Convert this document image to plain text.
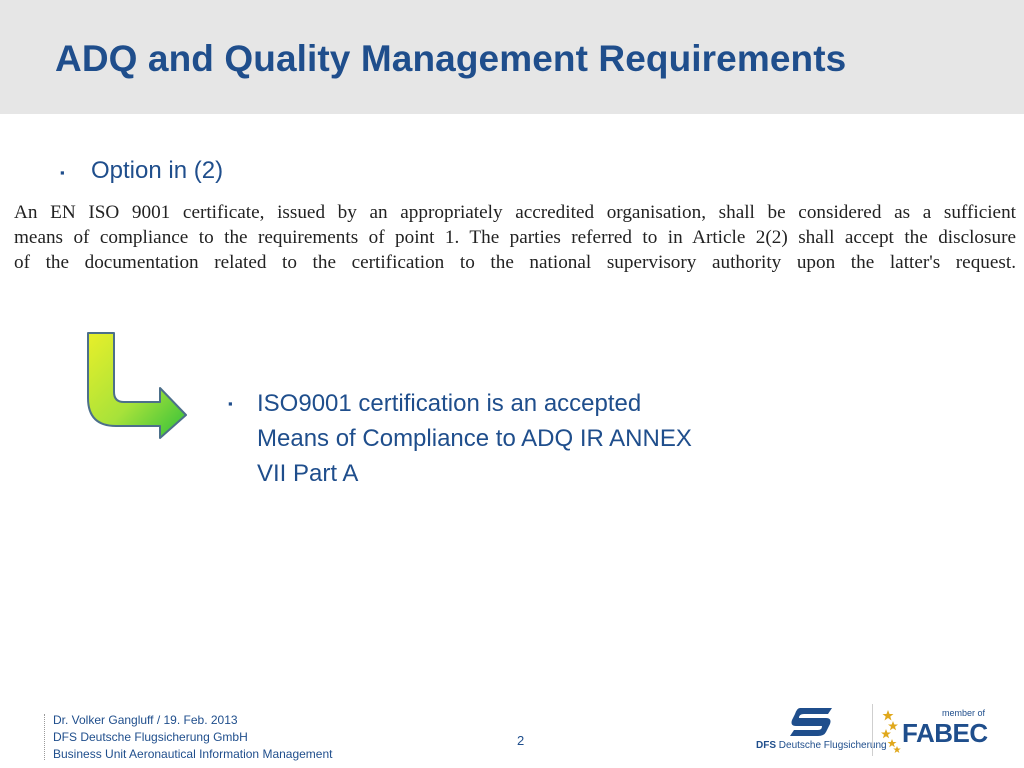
ADQ and Quality Management Requirements
▪ Option in (2)
An EN ISO 9001 certificate, issued by an appropriately accredited organisation, shall be considered as a sufficient
means of compliance to the requirements of point 1. The parties referred to in Article 2(2) shall accept the disclosure
of the documentation related to the certification to the national supervisory authority upon the latter's request.
▪ ISO9001 certification is an accepted
Means of Compliance to ADQ IR ANNEX
VII Part A
Dr. Volker Gangluff / 19. Feb. 2013
DFS Deutsche Flugsicherung GmbH
Business Unit Aeronautical Information Management
2	DFS Deutsche Flugsicherung
member of
FABEC
